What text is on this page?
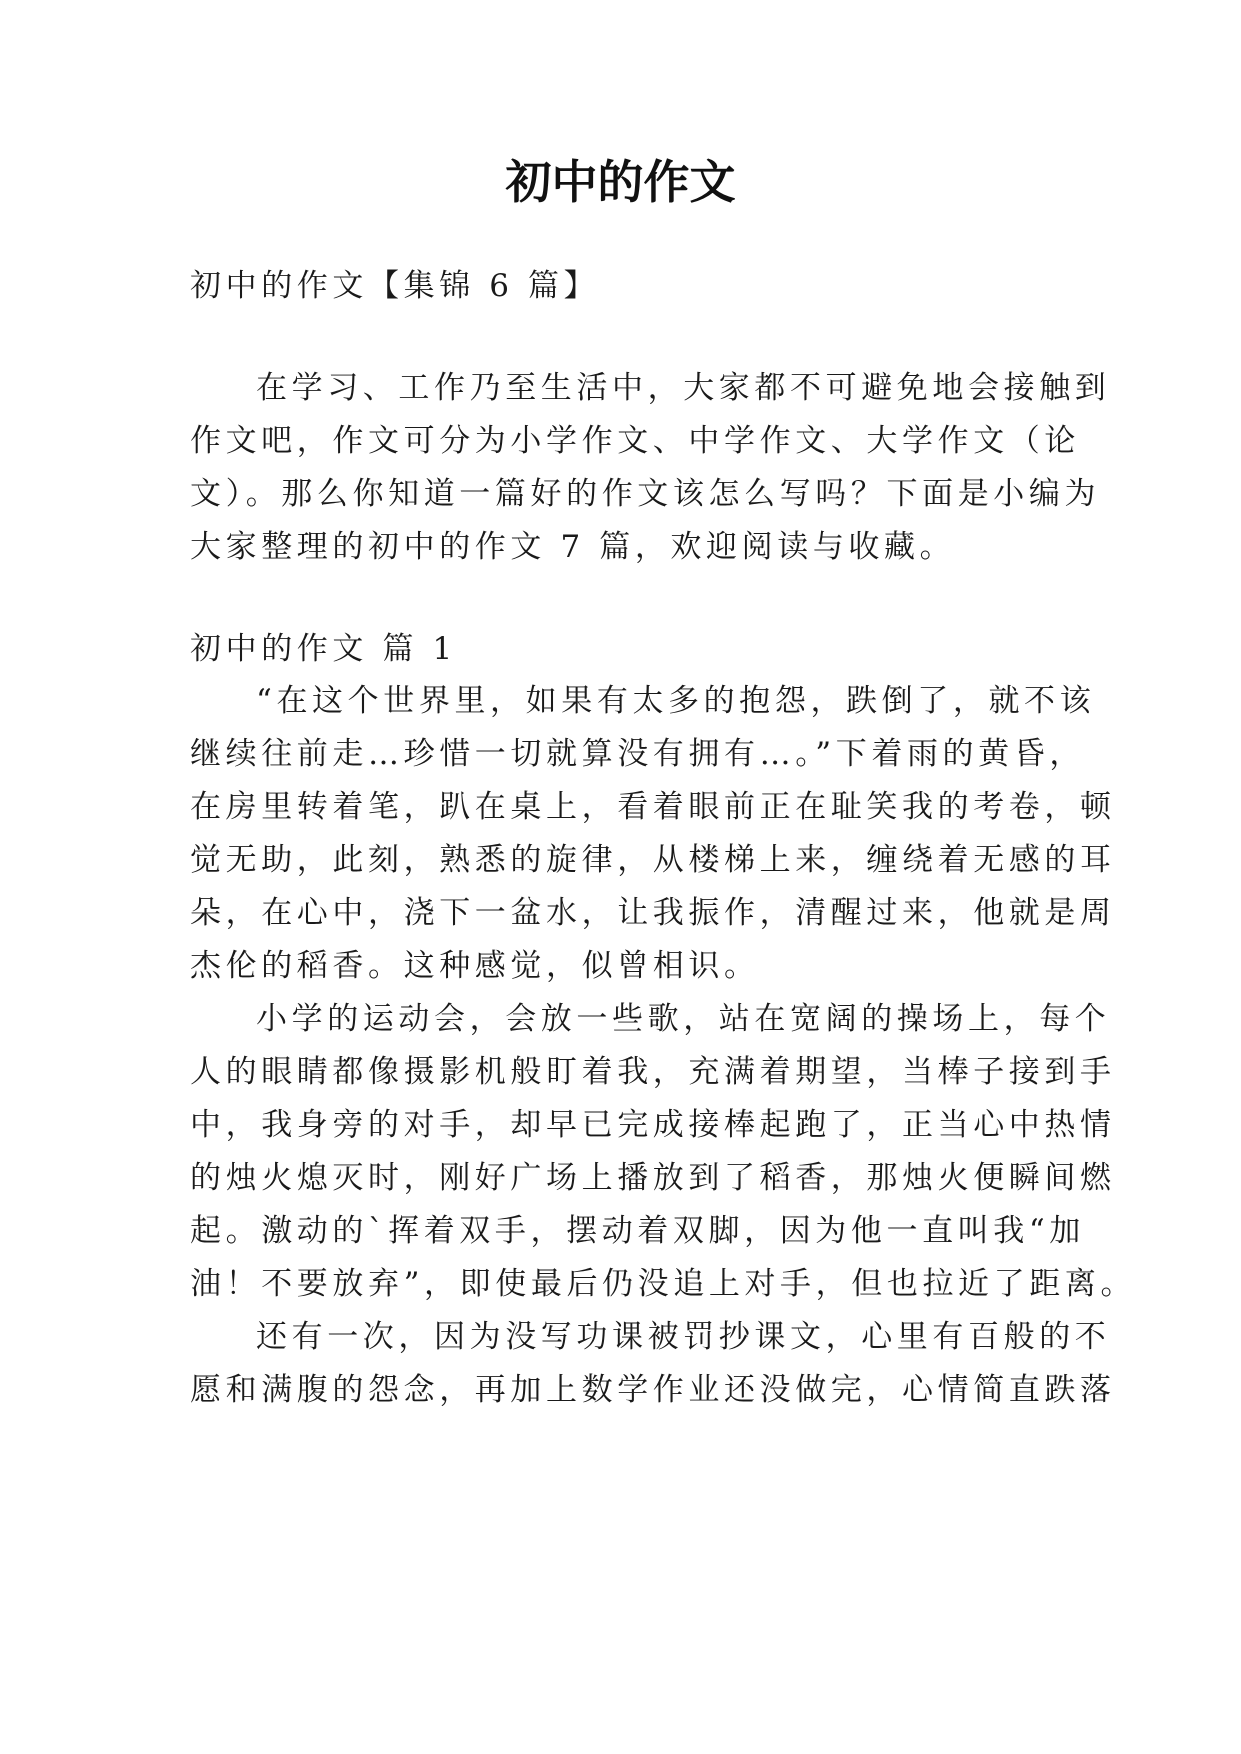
初中的作文
初中的作文【集锦 6 篇】
在学习、工作乃至生活中，大家都不可避免地会接触到
作文吧，作文可分为小学作文、中学作文、大学作文（论
文）。那么你知道一篇好的作文该怎么写吗？下面是小编为
大家整理的初中的作文 7 篇，欢迎阅读与收藏。
初中的作文 篇 1
“在这个世界里，如果有太多的抱怨，跌倒了，就不该
继续往前走…珍惜一切就算没有拥有…。”下着雨的黄昏，
在房里转着笔，趴在桌上，看着眼前正在耻笑我的考卷，顿
觉无助，此刻，熟悉的旋律，从楼梯上来，缠绕着无感的耳
朵，在心中，浇下一盆水，让我振作，清醒过来，他就是周
杰伦的稻香。这种感觉，似曾相识。
小学的运动会，会放一些歌，站在宽阔的操场上，每个
人的眼睛都像摄影机般盯着我，充满着期望，当棒子接到手
中，我身旁的对手，却早已完成接棒起跑了，正当心中热情
的烛火熄灭时，刚好广场上播放到了稻香，那烛火便瞬间燃
起。激动的`挥着双手，摆动着双脚，因为他一直叫我“加
油！不要放弃”，即使最后仍没追上对手，但也拉近了距离。
还有一次，因为没写功课被罚抄课文，心里有百般的不
愿和满腹的怨念，再加上数学作业还没做完，心情简直跌落
